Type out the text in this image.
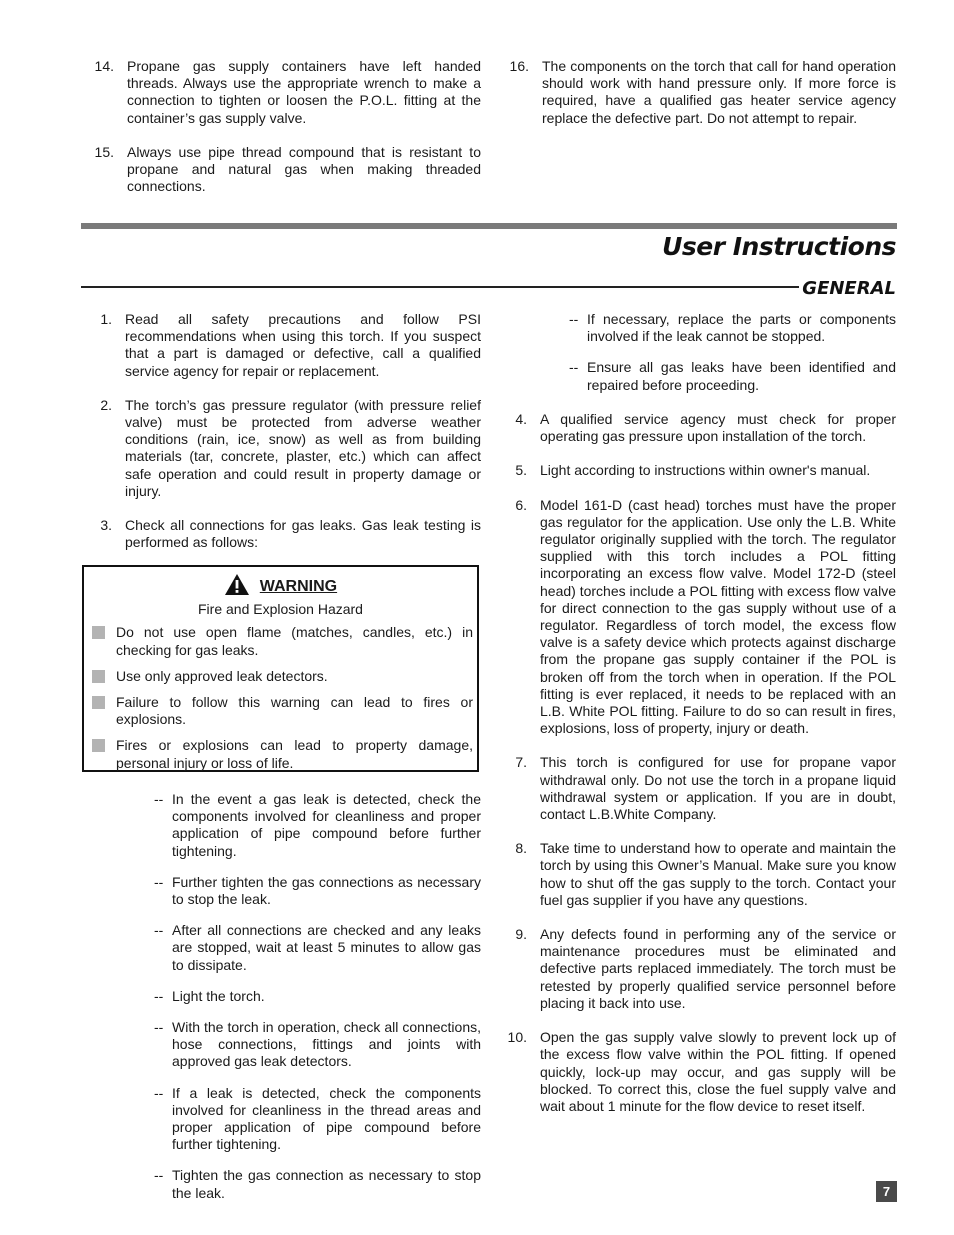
14. Propane gas supply containers have left handed threads. Always use the appropriate wrench to make a connection to tighten or loosen the P.O.L. fitting at the container’s gas supply valve.
15. Always use pipe thread compound that is resistant to propane and natural gas when making threaded connections.
16. The components on the torch that call for hand operation should work with hand pressure only. If more force is required, have a qualified gas heater service agency replace the defective part. Do not attempt to repair.
User Instructions
GENERAL
1. Read all safety precautions and follow PSI recommendations when using this torch. If you suspect that a part is damaged or defective, call a qualified service agency for repair or replacement.
2. The torch’s gas pressure regulator (with pressure relief valve) must be protected from adverse weather conditions (rain, ice, snow) as well as from building materials (tar, concrete, plaster, etc.) which can affect safe operation and could result in property damage or injury.
3. Check all connections for gas leaks. Gas leak testing is performed as follows:
WARNING
Fire and Explosion Hazard
Do not use open flame (matches, candles, etc.) in checking for gas leaks.
Use only approved leak detectors.
Failure to follow this warning can lead to fires or explosions.
Fires or explosions can lead to property damage, personal injury or loss of life.
-- In the event a gas leak is detected, check the components involved for cleanliness and proper application of pipe compound before further tightening.
-- Further tighten the gas connections as necessary to stop the leak.
-- After all connections are checked and any leaks are stopped, wait at least 5 minutes to allow gas to dissipate.
-- Light the torch.
-- With the torch in operation, check all connections, hose connections, fittings and joints with approved gas leak detectors.
-- If a leak is detected, check the components involved for cleanliness in the thread areas and proper application of pipe compound before further tightening.
-- Tighten the gas connection as necessary to stop the leak.
-- If necessary, replace the parts or components involved if the leak cannot be stopped.
-- Ensure all gas leaks have been identified and repaired before proceeding.
4. A qualified service agency must check for proper operating gas pressure upon installation of the torch.
5. Light according to instructions within owner's manual.
6. Model 161-D (cast head) torches must have the proper gas regulator for the application. Use only the L.B. White regulator originally supplied with the torch. The regulator supplied with this torch includes a POL fitting incorporating an excess flow valve. Model 172-D (steel head) torches include a POL fitting with excess flow valve for direct connection to the gas supply without use of a regulator. Regardless of torch model, the excess flow valve is a safety device which protects against discharge from the propane gas supply container if the POL is broken off from the torch when in operation. If the POL fitting is ever replaced, it needs to be replaced with an L.B. White POL fitting. Failure to do so can result in fires, explosions, loss of property, injury or death.
7. This torch is configured for use for propane vapor withdrawal only. Do not use the torch in a propane liquid withdrawal system or application. If you are in doubt, contact L.B.White Company.
8. Take time to understand how to operate and maintain the torch by using this Owner’s Manual. Make sure you know how to shut off the gas supply to the torch. Contact your fuel gas supplier if you have any questions.
9. Any defects found in performing any of the service or maintenance procedures must be eliminated and defective parts replaced immediately. The torch must be retested by properly qualified service personnel before placing it back into use.
10. Open the gas supply valve slowly to prevent lock up of the excess flow valve within the POL fitting. If opened quickly, lock-up may occur, and gas supply will be blocked. To correct this, close the fuel supply valve and wait about 1 minute for the flow device to reset itself.
7
